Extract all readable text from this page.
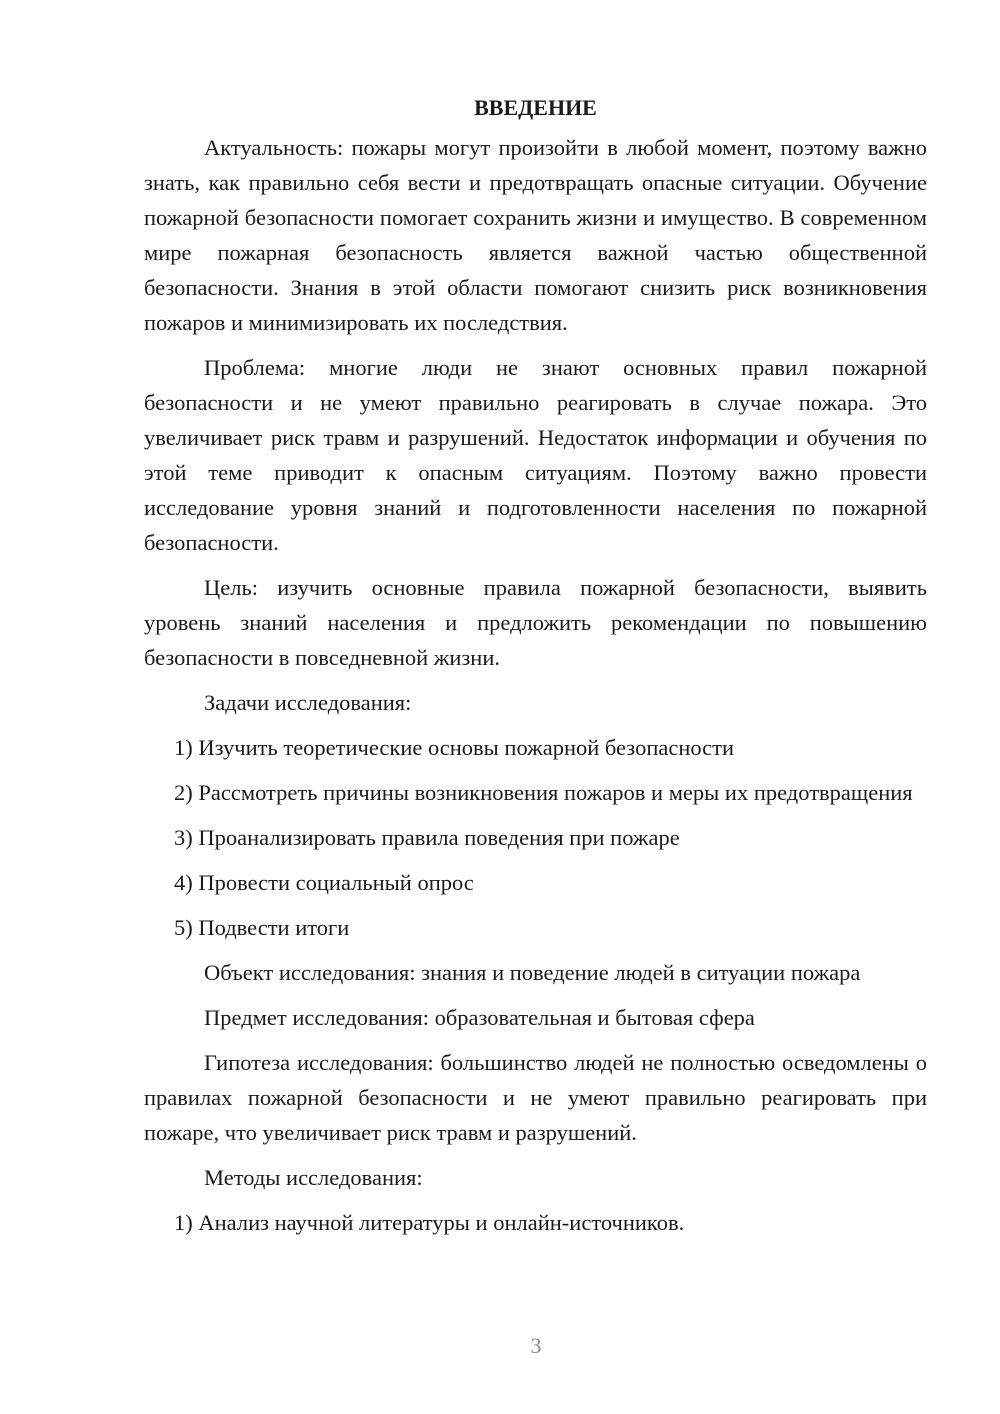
ВВЕДЕНИЕ

Актуальность: пожары могут произойти в любой момент, поэтому важно знать, как правильно себя вести и предотвращать опасные ситуации. Обучение пожарной безопасности помогает сохранить жизни и имущество. В современном мире пожарная безопасность является важной частью общественной безопасности. Знания в этой области помогают снизить риск возникновения пожаров и минимизировать их последствия.

Проблема: многие люди не знают основных правил пожарной безопасности и не умеют правильно реагировать в случае пожара. Это увеличивает риск травм и разрушений. Недостаток информации и обучения по этой теме приводит к опасным ситуациям. Поэтому важно провести исследование уровня знаний и подготовленности населения по пожарной безопасности.

Цель: изучить основные правила пожарной безопасности, выявить уровень знаний населения и предложить рекомендации по повышению безопасности в повседневной жизни.

Задачи исследования:

1) Изучить теоретические основы пожарной безопасности

2) Рассмотреть причины возникновения пожаров и меры их предотвращения

3) Проанализировать правила поведения при пожаре

4) Провести социальный опрос

5) Подвести итоги

Объект исследования: знания и поведение людей в ситуации пожара

Предмет исследования: образовательная и бытовая сфера

Гипотеза исследования: большинство людей не полностью осведомлены о правилах пожарной безопасности и не умеют правильно реагировать при пожаре, что увеличивает риск травм и разрушений.

Методы исследования:

1) Анализ научной литературы и онлайн-источников.

3
